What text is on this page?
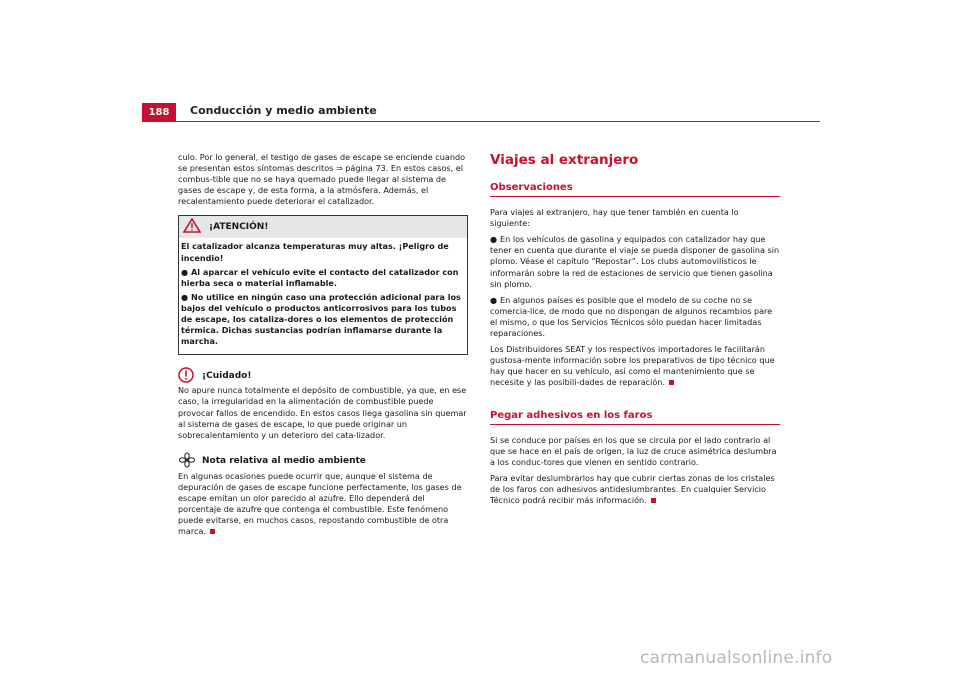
188 Conducción y medio ambiente

culo. Por lo general, el testigo de gases de escape se enciende cuando se presentan estos síntomas descritos ⇒ página 73. En estos casos, el combus-tible que no se haya quemado puede llegar al sistema de gases de escape y, de esta forma, a la atmósfera. Además, el recalentamiento puede deteriorar el catalizador.

¡ATENCIÓN!

El catalizador alcanza temperaturas muy altas. ¡Peligro de incendio!

● Al aparcar el vehículo evite el contacto del catalizador con hierba seca o material inflamable.

● No utilice en ningún caso una protección adicional para los bajos del vehículo o productos anticorrosivos para los tubos de escape, los cataliza-dores o los elementos de protección térmica. Dichas sustancias podrían inflamarse durante la marcha.

¡Cuidado!

No apure nunca totalmente el depósito de combustible, ya que, en ese caso, la irregularidad en la alimentación de combustible puede provocar fallos de encendido. En estos casos llega gasolina sin quemar al sistema de gases de escape, lo que puede originar un sobrecalentamiento y un deterioro del cata-lizador.

Nota relativa al medio ambiente

En algunas ocasiones puede ocurrir que, aunque el sistema de depuración de gases de escape funcione perfectamente, los gases de escape emitan un olor parecido al azufre. Ello dependerá del porcentaje de azufre que contenga el combustible. Este fenómeno puede evitarse, en muchos casos, repostando combustible de otra marca.

Viajes al extranjero
Observaciones

Para viajes al extranjero, hay que tener también en cuenta lo siguiente:

● En los vehículos de gasolina y equipados con catalizador hay que tener en cuenta que durante el viaje se pueda disponer de gasolina sin plomo. Véase el capítulo “Repostar”. Los clubs automovilísticos le informarán sobre la red de estaciones de servicio que tienen gasolina sin plomo.

● En algunos países es posible que el modelo de su coche no se comercia-lice, de modo que no dispongan de algunos recambios pare el mismo, o que los Servicios Técnicos sólo puedan hacer limitadas reparaciones.

Los Distribuidores SEAT y los respectivos importadores le facilitarán gustosa-mente información sobre los preparativos de tipo técnico que hay que hacer en su vehículo, así como el mantenimiento que se necesite y las posibili-dades de reparación.

Pegar adhesivos en los faros

Si se conduce por países en los que se circula por el lado contrario al que se hace en el país de origen, la luz de cruce asimétrica deslumbra a los conduc-tores que vienen en sentido contrario.

Para evitar deslumbrarlos hay que cubrir ciertas zonas de los cristales de los faros con adhesivos antideslumbrantes. En cualquier Servicio Técnico podrá recibir más información.

carmanualsonline.info
